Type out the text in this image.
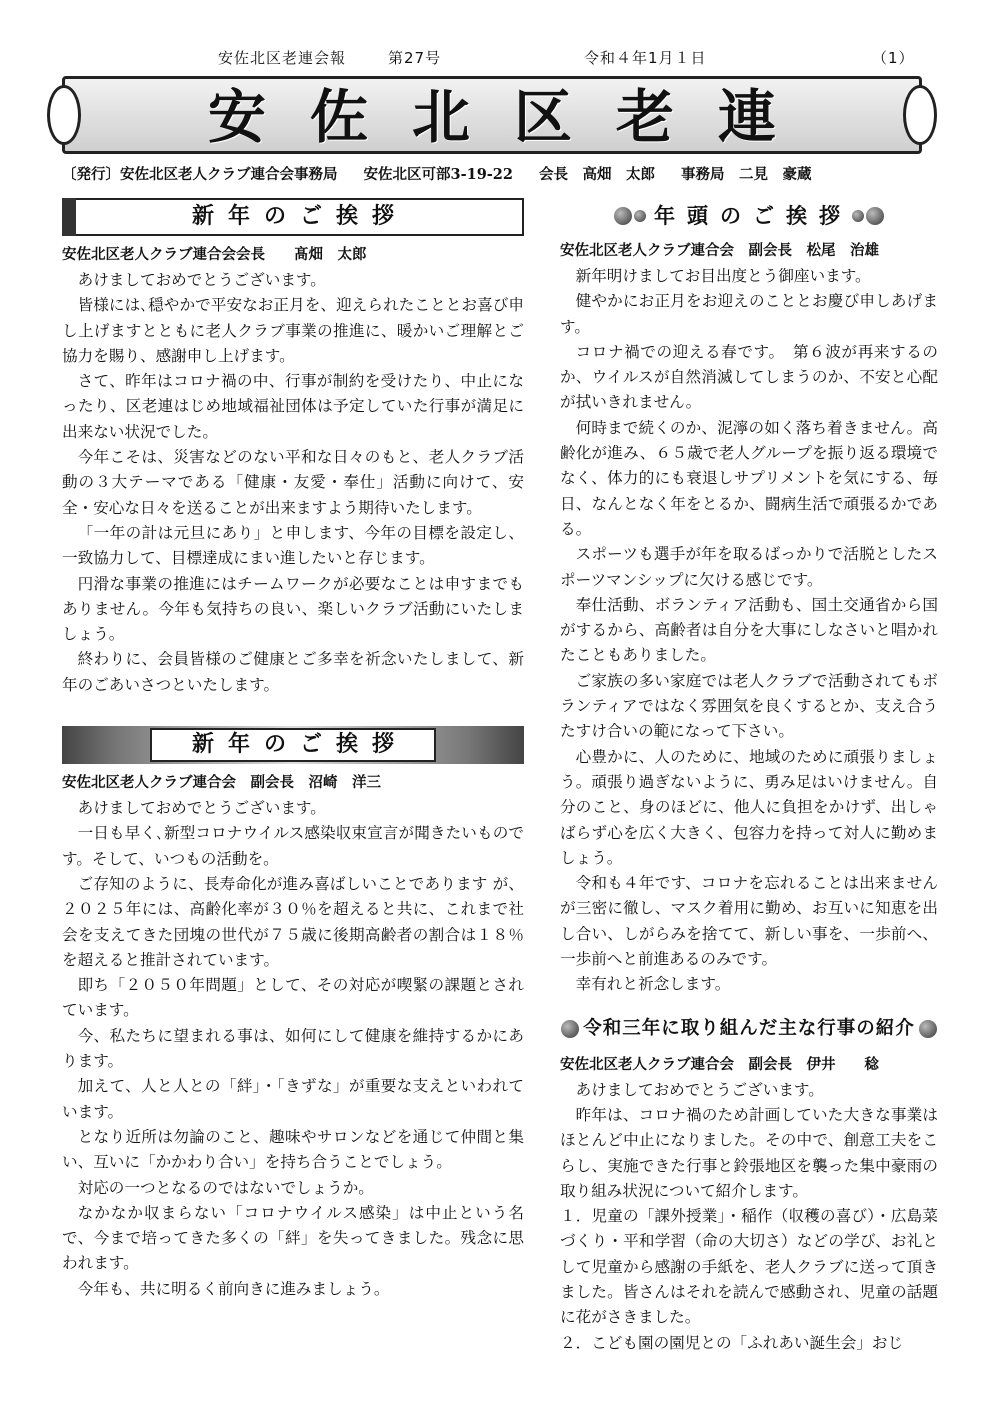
安佐北区老連会報	第27号	令和４年1月１日	（1）
安佐北区老連
〔発行〕安佐北区老人クラブ連合会事務局 安佐北区可部3-19-22 会長　高畑　太郎 事務局　二見　豪蔵
新年のご挨拶

安佐北区老人クラブ連合会会長　　髙畑　太郎

あけましておめでとうございます。

皆様には､穏やかで平安なお正月を、迎えられたこととお喜び申し上げますとともに老人クラブ事業の推進に、暖かいご理解とご協力を賜り、感謝申し上げます。

さて、昨年はコロナ禍の中、行事が制約を受けたり、中止になったり、区老連はじめ地域福祉団体は予定していた行事が満足に出来ない状況でした。

今年こそは、災害などのない平和な日々のもと、老人クラブ活動の３大テーマである「健康・友愛・奉仕」活動に向けて、安全・安心な日々を送ることが出来ますよう期待いたします。

「一年の計は元旦にあり」と申します、今年の目標を設定し、一致協力して、目標達成にまい進したいと存じます。

円滑な事業の推進にはチームワークが必要なことは申すまでもありません。今年も気持ちの良い、楽しいクラブ活動にいたしましょう。

終わりに、会員皆様のご健康とご多幸を祈念いたしまして、新年のごあいさつといたします。

新年のご挨拶

安佐北区老人クラブ連合会　副会長　沼崎　洋三

あけましておめでとうございます。

一日も早く､新型コロナウイルス感染収束宣言が聞きたいものです。そして、いつもの活動を。

ご存知のように、長寿命化が進み喜ばしいことであります が、２０２５年には、高齢化率が３０％を超えると共に、これまで社会を支えてきた団塊の世代が７５歳に後期高齢者の割合は１８％を超えると推計されています。

即ち「２０５０年問題」として、その対応が喫緊の課題とされています。

今、私たちに望まれる事は、如何にして健康を維持するかにあります。

加えて、人と人との「絆」・「きずな」が重要な支えといわれています。

となり近所は勿論のこと、趣味やサロンなどを通じて仲間と集い、互いに「かかわり合い」を持ち合うことでしょう。

対応の一つとなるのではないでしょうか。

なかなか収まらない「コロナウイルス感染」は中止という名で、今まで培ってきた多くの「絆」を失ってきました。残念に思われます。

今年も、共に明るく前向きに進みましょう。

年頭のご挨拶

安佐北区老人クラブ連合会　副会長　松尾　治雄

新年明けましてお目出度とう御座います。

健やかにお正月をお迎えのこととお慶び申しあげます。

コロナ禍での迎える春です。　第６波が再来するのか、ウイルスが自然消滅してしまうのか、不安と心配が拭いきれません。

何時まで続くのか、泥濘の如く落ち着きません。高齢化が進み、６５歳で老人グループを振り返る環境でなく、体力的にも衰退しサプリメントを気にする、毎日、なんとなく年をとるか、闘病生活で頑張るかである。

スポーツも選手が年を取るばっかりで活脱としたスポーツマンシップに欠ける感じです。

奉仕活動、ボランティア活動も、国土交通省から国がするから、高齢者は自分を大事にしなさいと唱かれたこともありました。

ご家族の多い家庭では老人クラブで活動されてもボランティアではなく雰囲気を良くするとか、支え合うたすけ合いの範になって下さい。

心豊かに、人のために、地域のために頑張りましょう。頑張り過ぎないように、勇み足はいけません。自分のこと、身のほどに、他人に負担をかけず、出しゃばらず心を広く大きく、包容力を持って対人に勤めましょう。

令和も４年です、コロナを忘れることは出来ませんが三密に徹し、マスク着用に勤め、お互いに知恵を出し合い、しがらみを捨てて、新しい事を、一歩前へ、一歩前へと前進あるのみです。

幸有れと祈念します。

令和三年に取り組んだ主な行事の紹介

安佐北区老人クラブ連合会　副会長　伊井　　稔

あけましておめでとうございます。

昨年は、コロナ禍のため計画していた大きな事業はほとんど中止になりました。その中で、創意工夫をこらし、実施できた行事と鈴張地区を襲った集中豪雨の取り組み状況について紹介します。

１．児童の「課外授業」・稲作（収穫の喜び）・広島菜づくり・平和学習（命の大切さ）などの学び、お礼として児童から感謝の手紙を、老人クラブに送って頂きました。皆さんはそれを読んで感動され、児童の話題に花がさきました。

２．こども園の園児との「ふれあい誕生会」おじ
